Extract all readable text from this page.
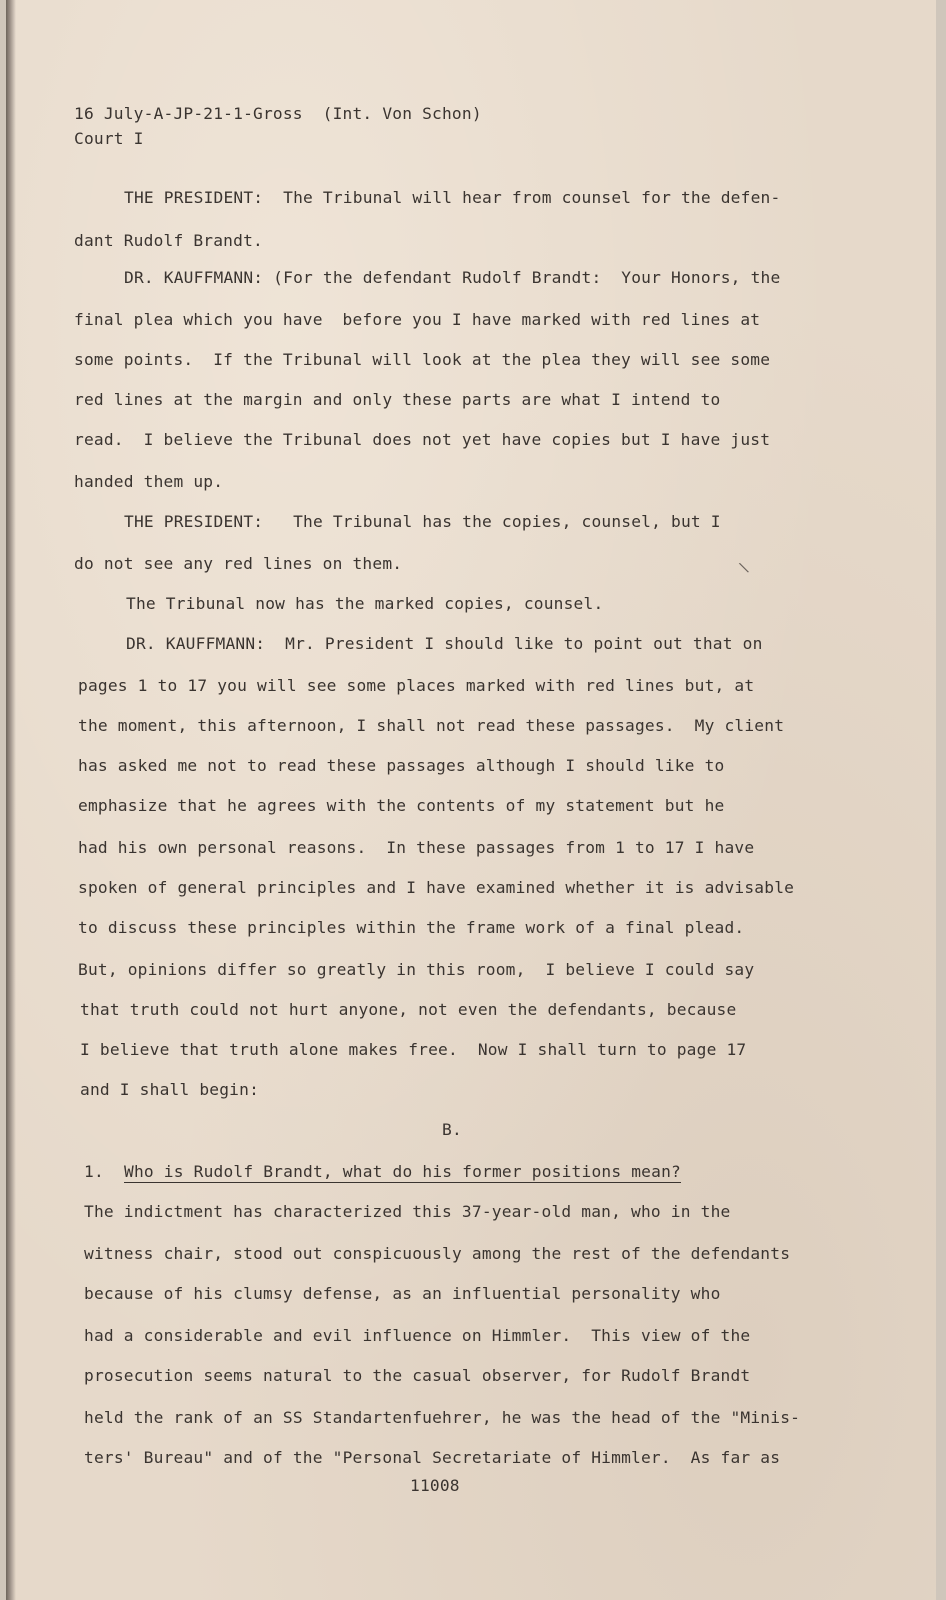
16 July-A-JP-21-1-Gross  (Int. Von Schon)
Court I
THE PRESIDENT:  The Tribunal will hear from counsel for the defen-
dant Rudolf Brandt.
DR. KAUFFMANN: (For the defendant Rudolf Brandt:  Your Honors, the
final plea which you have  before you I have marked with red lines at
some points.  If the Tribunal will look at the plea they will see some
red lines at the margin and only these parts are what I intend to
read.  I believe the Tribunal does not yet have copies but I have just
handed them up.
THE PRESIDENT:   The Tribunal has the copies, counsel, but I
do not see any red lines on them.	\
The Tribunal now has the marked copies, counsel.
DR. KAUFFMANN:  Mr. President I should like to point out that on
pages 1 to 17 you will see some places marked with red lines but, at
the moment, this afternoon, I shall not read these passages.  My client
has asked me not to read these passages although I should like to
emphasize that he agrees with the contents of my statement but he
had his own personal reasons.  In these passages from 1 to 17 I have
spoken of general principles and I have examined whether it is advisable
to discuss these principles within the frame work of a final plead.
But, opinions differ so greatly in this room,  I believe I could say
that truth could not hurt anyone, not even the defendants, because
I believe that truth alone makes free.  Now I shall turn to page 17
and I shall begin:
B.
1. Who is Rudolf Brandt, what do his former positions mean?
The indictment has characterized this 37-year-old man, who in the
witness chair, stood out conspicuously among the rest of the defendants
because of his clumsy defense, as an influential personality who
had a considerable and evil influence on Himmler.  This view of the
prosecution seems natural to the casual observer, for Rudolf Brandt
held the rank of an SS Standartenfuehrer, he was the head of the "Minis-
ters' Bureau" and of the "Personal Secretariate of Himmler.  As far as
11008
